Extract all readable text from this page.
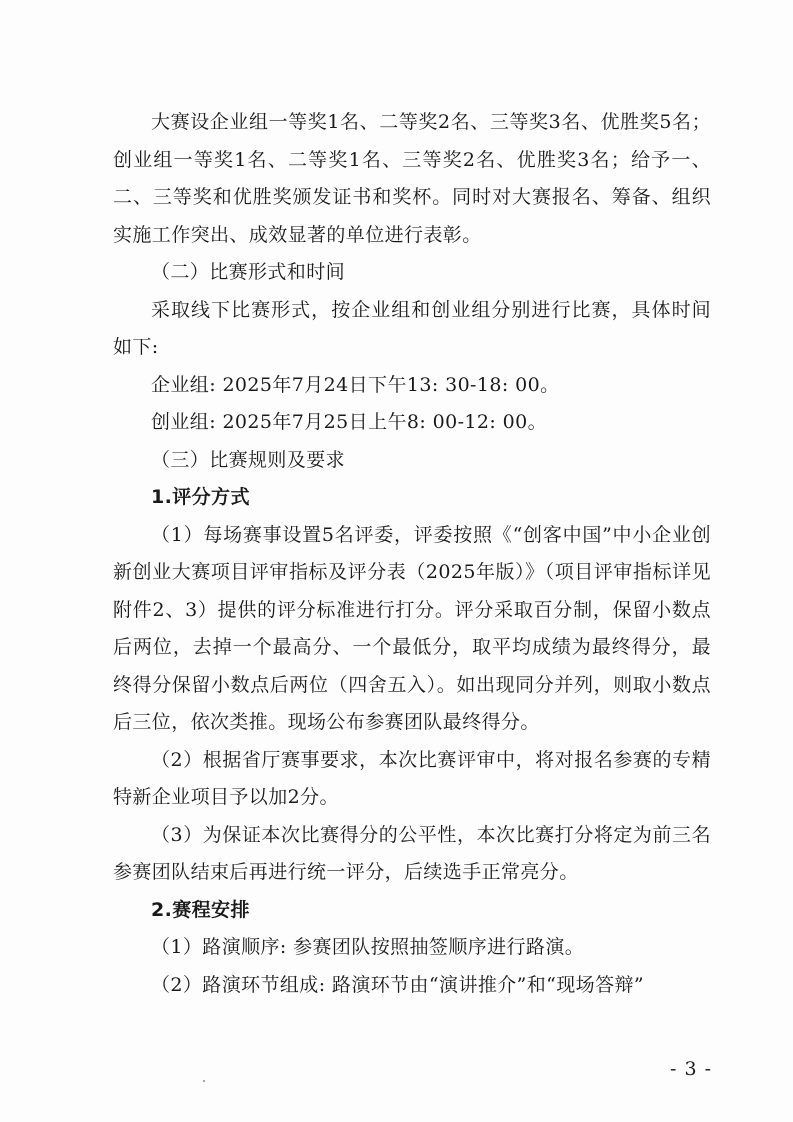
大赛设企业组一等奖1名、二等奖2名、三等奖3名、优胜奖5名；创业组一等奖1名、二等奖1名、三等奖2名、优胜奖3名；给予一、二、三等奖和优胜奖颁发证书和奖杯。同时对大赛报名、筹备、组织实施工作突出、成效显著的单位进行表彰。

（二）比赛形式和时间

采取线下比赛形式，按企业组和创业组分别进行比赛，具体时间如下:

企业组: 2025年7月24日下午13: 30-18: 00。

创业组: 2025年7月25日上午8: 00-12: 00。

（三）比赛规则及要求

1.评分方式

（1）每场赛事设置5名评委，评委按照《“创客中国”中小企业创新创业大赛项目评审指标及评分表（2025年版）》（项目评审指标详见附件2、3）提供的评分标准进行打分。评分采取百分制，保留小数点后两位，去掉一个最高分、一个最低分，取平均成绩为最终得分，最终得分保留小数点后两位（四舍五入）。如出现同分并列，则取小数点后三位，依次类推。现场公布参赛团队最终得分。

（2）根据省厅赛事要求，本次比赛评审中，将对报名参赛的专精特新企业项目予以加2分。

（3）为保证本次比赛得分的公平性，本次比赛打分将定为前三名参赛团队结束后再进行统一评分，后续选手正常亮分。

2.赛程安排

（1）路演顺序: 参赛团队按照抽签顺序进行路演。

（2）路演环节组成: 路演环节由“演讲推介”和“现场答辩”

- 3 -
